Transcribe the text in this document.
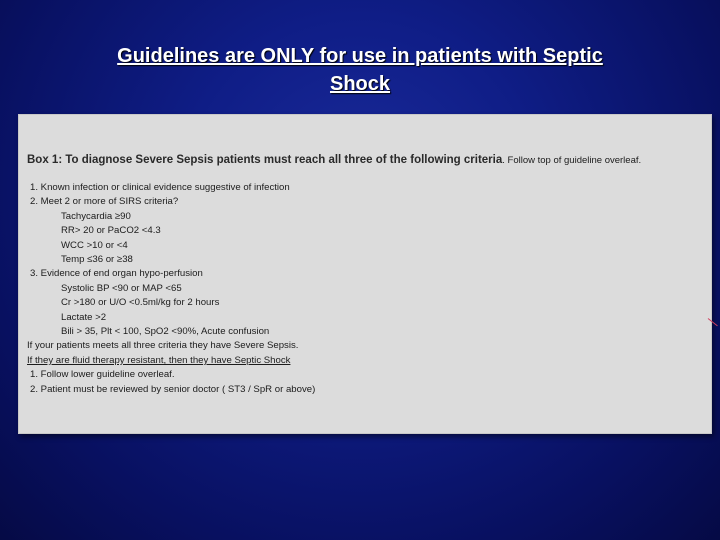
Guidelines are ONLY for use in patients with Septic
Shock
Box 1: To diagnose Severe Sepsis patients must reach all three of the following criteria. Follow top of guideline overleaf.
1. Known infection or clinical evidence suggestive of infection
2. Meet 2 or more of SIRS criteria?
Tachycardia ≥90
RR> 20 or PaCO2 <4.3
WCC >10 or <4
Temp ≤36 or ≥38
3. Evidence of end organ hypo-perfusion
Systolic BP <90 or MAP <65
Cr >180 or U/O <0.5ml/kg for 2 hours
Lactate >2
Bili > 35, Plt < 100, SpO2 <90%, Acute confusion
If your patients meets all three criteria they have Severe Sepsis.
If they are fluid therapy resistant, then they have Septic Shock
1. Follow lower guideline overleaf.
2. Patient must be reviewed by senior doctor ( ST3 / SpR or above)
